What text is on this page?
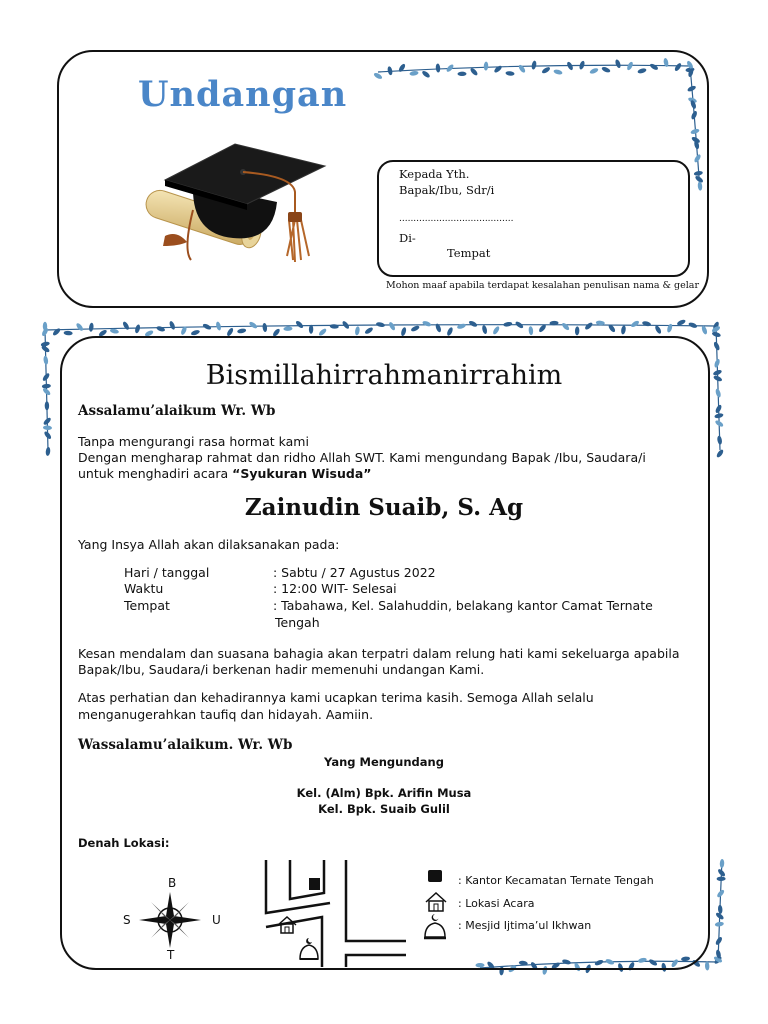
Undangan
Kepada Yth.
Bapak/Ibu, Sdr/i
........................................
Di-
Tempat
Mohon maaf apabila terdapat kesalahan penulisan nama & gelar
Bismillahirrahmanirrahim
Assalamu’alaikum Wr. Wb
Tanpa mengurangi rasa hormat kami
Dengan mengharap rahmat dan ridho Allah SWT. Kami mengundang Bapak /Ibu, Saudara/i
untuk menghadiri acara “Syukuran Wisuda”
Zainudin Suaib, S. Ag
Yang Insya Allah akan dilaksanakan pada:
Hari / tanggal	: Sabtu / 27 Agustus 2022
Waktu	: 12:00 WIT- Selesai
Tempat	: Tabahawa, Kel. Salahuddin, belakang kantor Camat Ternate
Tengah
Kesan mendalam dan suasana bahagia akan terpatri dalam relung hati kami sekeluarga apabila
Bapak/Ibu, Saudara/i berkenan hadir memenuhi undangan Kami.
Atas perhatian dan kehadirannya kami ucapkan terima kasih. Semoga Allah selalu
menganugerahkan taufiq dan hidayah. Aamiin.
Wassalamu’alaikum. Wr. Wb
Yang Mengundang
Kel. (Alm) Bpk. Arifin Musa
Kel. Bpk. Suaib Gulil
Denah Lokasi:
B
T
S	U
: Kantor Kecamatan Ternate Tengah
: Lokasi Acara
: Mesjid Ijtima’ul Ikhwan
